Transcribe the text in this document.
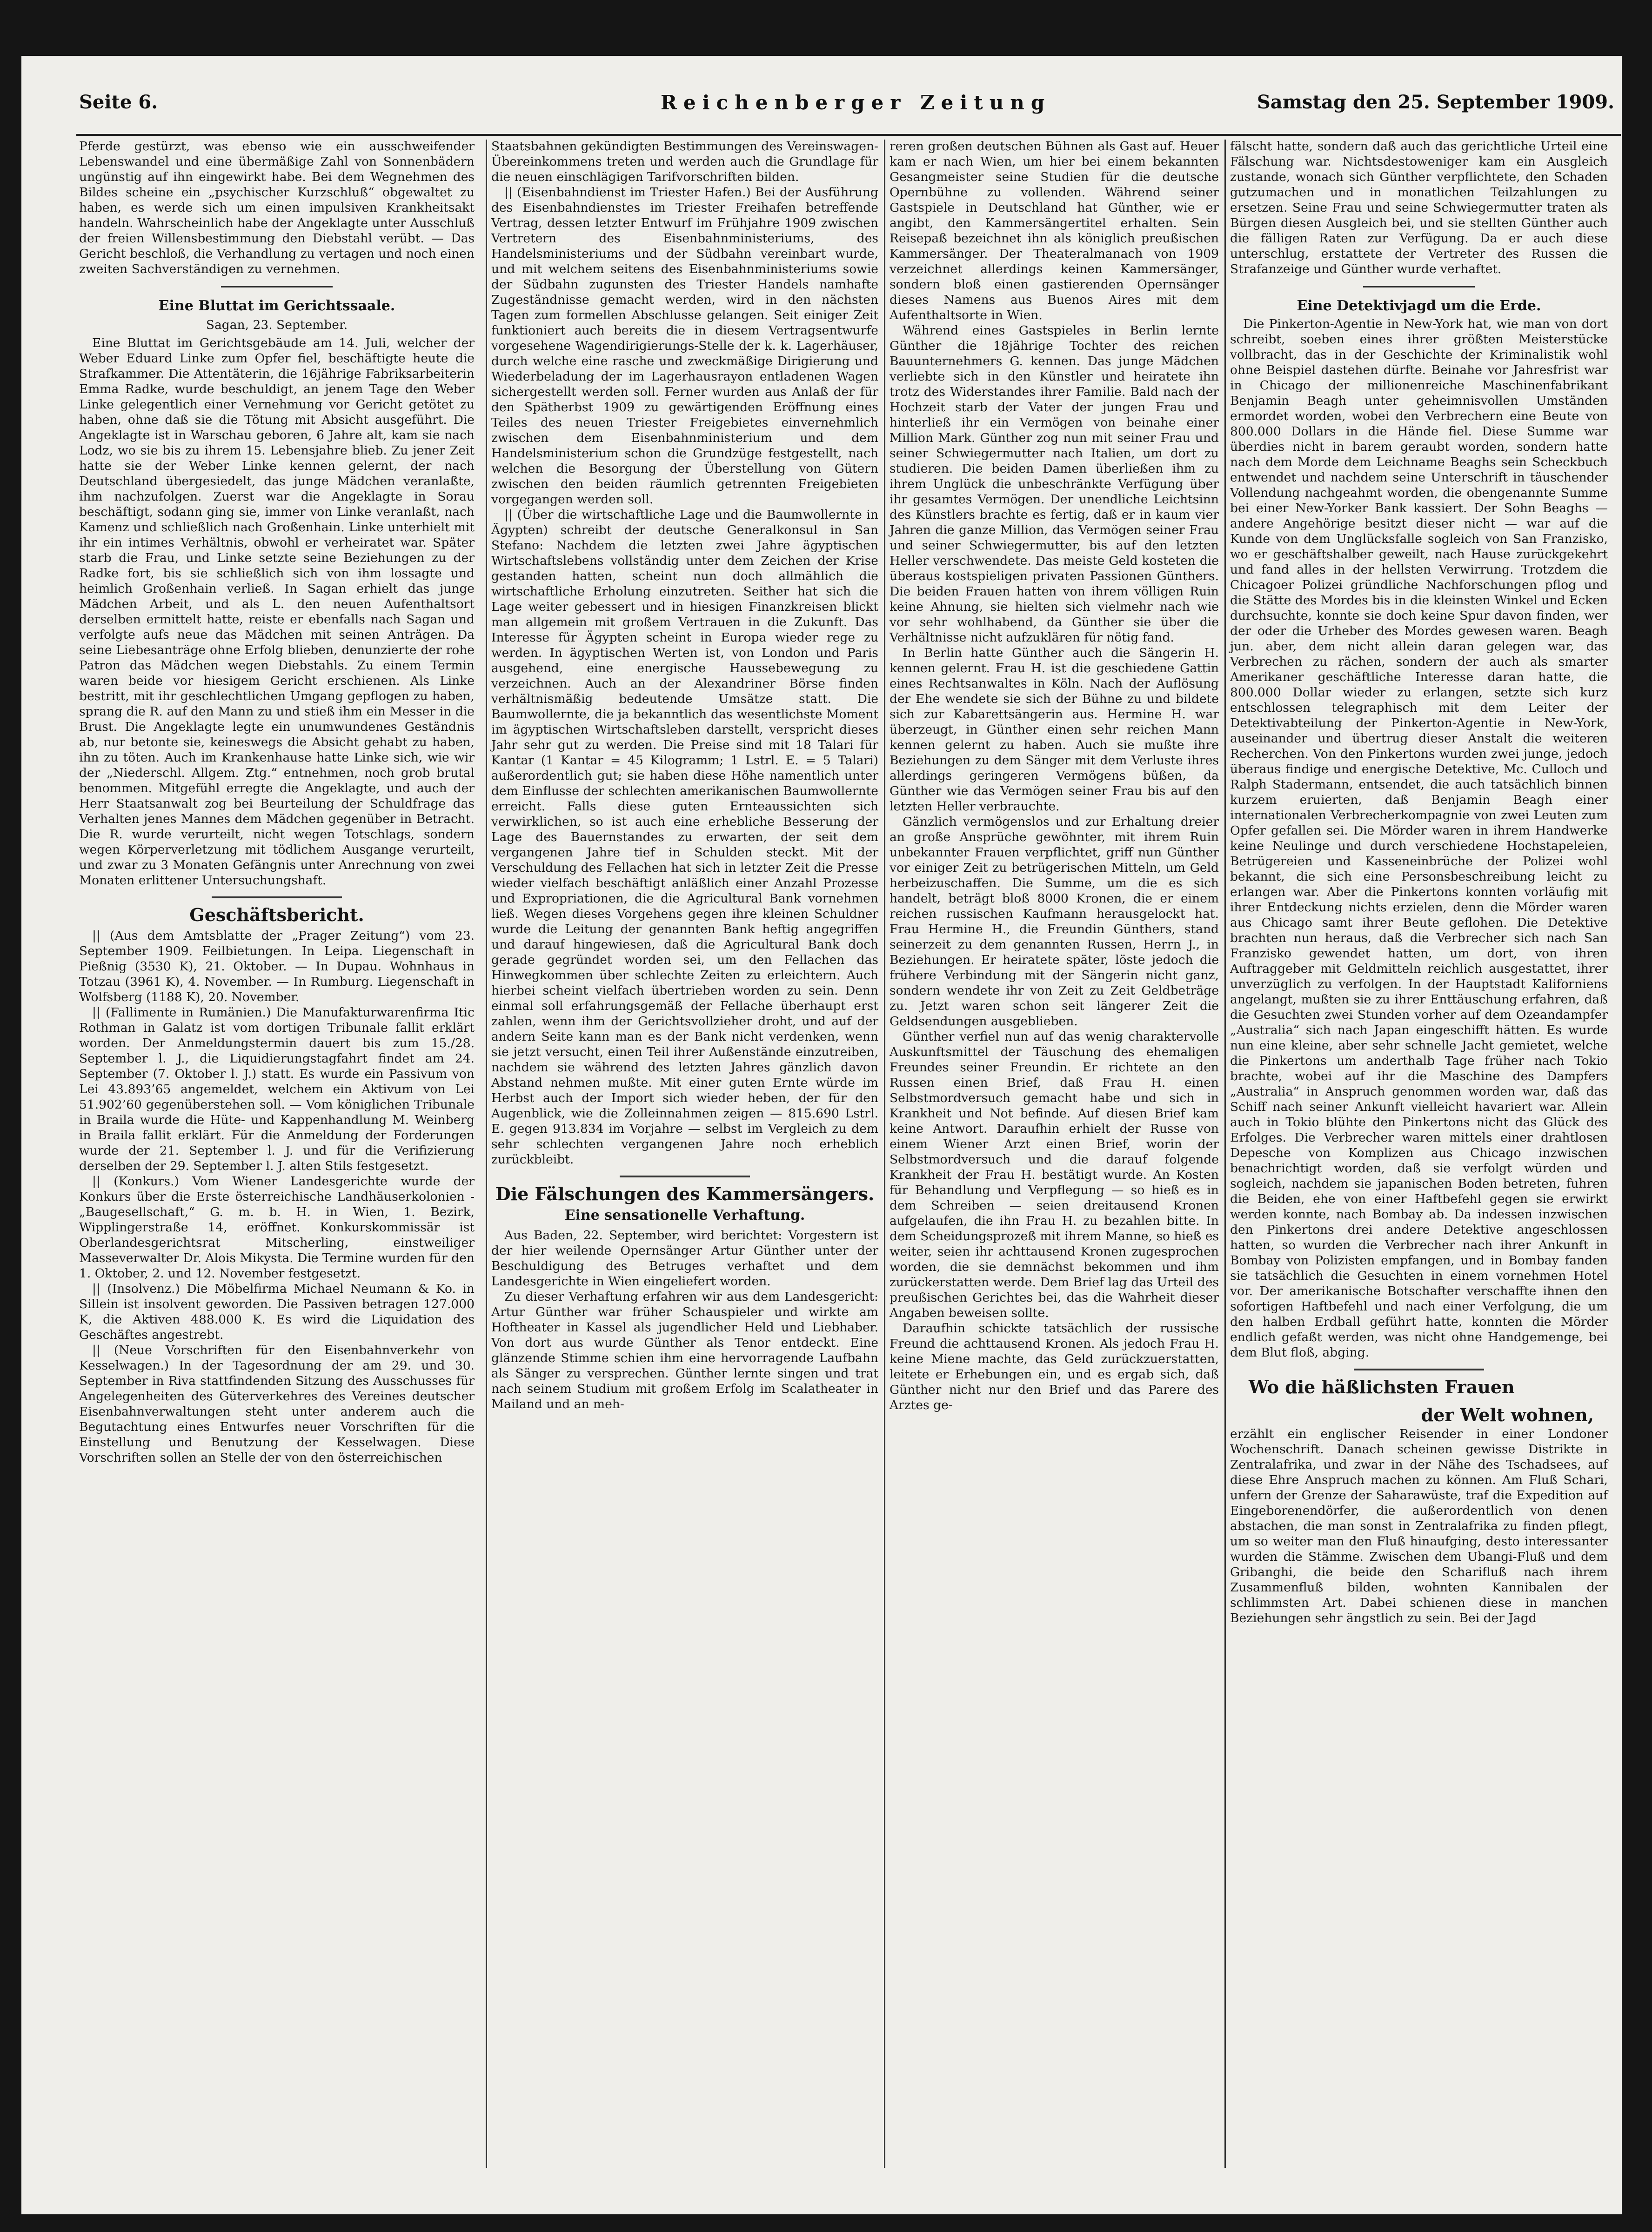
Seite 6.	Reichenberger Zeitung	Samstag den 25. September 1909.

Pferde gestürzt, was ebenso wie ein ausschweifender Lebenswandel und eine übermäßige Zahl von Sonnenbädern ungünstig auf ihn eingewirkt habe. Bei dem Wegnehmen des Bildes scheine ein „psychischer Kurzschluß“ obgewaltet zu haben, es werde sich um einen impulsiven Krankheitsakt handeln. Wahrscheinlich habe der Angeklagte unter Ausschluß der freien Willensbestimmung den Diebstahl verübt. — Das Gericht beschloß, die Verhandlung zu vertagen und noch einen zweiten Sachverständigen zu vernehmen.

Eine Bluttat im Gerichtssaale.
Sagan, 23. September.

Eine Bluttat im Gerichtsgebäude am 14. Juli, welcher der Weber Eduard Linke zum Opfer fiel, beschäftigte heute die Strafkammer. Die Attentäterin, die 16jährige Fabriksarbeiterin Emma Radke, wurde beschuldigt, an jenem Tage den Weber Linke gelegentlich einer Vernehmung vor Gericht getötet zu haben, ohne daß sie die Tötung mit Absicht ausgeführt. Die Angeklagte ist in Warschau geboren, 6 Jahre alt, kam sie nach Lodz, wo sie bis zu ihrem 15. Lebensjahre blieb. Zu jener Zeit hatte sie der Weber Linke kennen gelernt, der nach Deutschland übergesiedelt, das junge Mädchen veranlaßte, ihm nachzufolgen. Zuerst war die Angeklagte in Sorau beschäftigt, sodann ging sie, immer von Linke veranlaßt, nach Kamenz und schließlich nach Großenhain. Linke unterhielt mit ihr ein intimes Verhältnis, obwohl er verheiratet war. Später starb die Frau, und Linke setzte seine Beziehungen zu der Radke fort, bis sie schließlich sich von ihm lossagte und heimlich Großenhain verließ. In Sagan erhielt das junge Mädchen Arbeit, und als L. den neuen Aufenthaltsort derselben ermittelt hatte, reiste er ebenfalls nach Sagan und verfolgte aufs neue das Mädchen mit seinen Anträgen. Da seine Liebesanträge ohne Erfolg blieben, denunzierte der rohe Patron das Mädchen wegen Diebstahls. Zu einem Termin waren beide vor hiesigem Gericht erschienen. Als Linke bestritt, mit ihr geschlechtlichen Umgang gepflogen zu haben, sprang die R. auf den Mann zu und stieß ihm ein Messer in die Brust. Die Angeklagte legte ein unumwundenes Geständnis ab, nur betonte sie, keineswegs die Absicht gehabt zu haben, ihn zu töten. Auch im Krankenhause hatte Linke sich, wie wir der „Niederschl. Allgem. Ztg.“ entnehmen, noch grob brutal benommen. Mitgefühl erregte die Angeklagte, und auch der Herr Staatsanwalt zog bei Beurteilung der Schuldfrage das Verhalten jenes Mannes dem Mädchen gegenüber in Betracht. Die R. wurde verurteilt, nicht wegen Totschlags, sondern wegen Körperverletzung mit tödlichem Ausgange verurteilt, und zwar zu 3 Monaten Gefängnis unter Anrechnung von zwei Monaten erlittener Untersuchungshaft.

Geschäftsbericht.

|| (Aus dem Amtsblatte der „Prager Zeitung“) vom 23. September 1909. Feilbietungen. In Leipa. Liegenschaft in Pießnig (3530 K), 21. Oktober. — In Dupau. Wohnhaus in Totzau (3961 K), 4. November. — In Rumburg. Liegenschaft in Wolfsberg (1188 K), 20. November.

|| (Fallimente in Rumänien.) Die Manufakturwarenfirma Itic Rothman in Galatz ist vom dortigen Tribunale fallit erklärt worden. Der Anmeldungstermin dauert bis zum 15./28. September l. J., die Liquidierungstagfahrt findet am 24. September (7. Oktober l. J.) statt. Es wurde ein Passivum von Lei 43.893’65 angemeldet, welchem ein Aktivum von Lei 51.902’60 gegenüberstehen soll. — Vom königlichen Tribunale in Braila wurde die Hüte- und Kappenhandlung M. Weinberg in Braila fallit erklärt. Für die Anmeldung der Forderungen wurde der 21. September l. J. und für die Verifizierung derselben der 29. September l. J. alten Stils festgesetzt.

|| (Konkurs.) Vom Wiener Landesgerichte wurde der Konkurs über die Erste österreichische Landhäuserkolonien - „Baugesellschaft,“ G. m. b. H. in Wien, 1. Bezirk, Wipplingerstraße 14, eröffnet. Konkurskommissär ist Oberlandesgerichtsrat Mitscherling, einstweiliger Masseverwalter Dr. Alois Mikysta. Die Termine wurden für den 1. Oktober, 2. und 12. November festgesetzt.

|| (Insolvenz.) Die Möbelfirma Michael Neumann & Ko. in Sillein ist insolvent geworden. Die Passiven betragen 127.000 K, die Aktiven 488.000 K. Es wird die Liquidation des Geschäftes angestrebt.

|| (Neue Vorschriften für den Eisenbahnverkehr von Kesselwagen.) In der Tagesordnung der am 29. und 30. September in Riva stattfindenden Sitzung des Ausschusses für Angelegenheiten des Güterverkehres des Vereines deutscher Eisenbahnverwaltungen steht unter anderem auch die Begutachtung eines Entwurfes neuer Vorschriften für die Einstellung und Benutzung der Kesselwagen. Diese Vorschriften sollen an Stelle der von den österreichischen

Staatsbahnen gekündigten Bestimmungen des Vereinswagen-Übereinkommens treten und werden auch die Grundlage für die neuen einschlägigen Tarifvorschriften bilden.

|| (Eisenbahndienst im Triester Hafen.) Bei der Ausführung des Eisenbahndienstes im Triester Freihafen betreffende Vertrag, dessen letzter Entwurf im Frühjahre 1909 zwischen Vertretern des Eisenbahnministeriums, des Handelsministeriums und der Südbahn vereinbart wurde, und mit welchem seitens des Eisenbahnministeriums sowie der Südbahn zugunsten des Triester Handels namhafte Zugeständnisse gemacht werden, wird in den nächsten Tagen zum formellen Abschlusse gelangen. Seit einiger Zeit funktioniert auch bereits die in diesem Vertragsentwurfe vorgesehene Wagendirigierungs-Stelle der k. k. Lagerhäuser, durch welche eine rasche und zweckmäßige Dirigierung und Wiederbeladung der im Lagerhausrayon entladenen Wagen sichergestellt werden soll. Ferner wurden aus Anlaß der für den Spätherbst 1909 zu gewärtigenden Eröffnung eines Teiles des neuen Triester Freigebietes einvernehmlich zwischen dem Eisenbahnministerium und dem Handelsministerium schon die Grundzüge festgestellt, nach welchen die Besorgung der Überstellung von Gütern zwischen den beiden räumlich getrennten Freigebieten vorgegangen werden soll.

|| (Über die wirtschaftliche Lage und die Baumwollernte in Ägypten) schreibt der deutsche Generalkonsul in San Stefano: Nachdem die letzten zwei Jahre ägyptischen Wirtschaftslebens vollständig unter dem Zeichen der Krise gestanden hatten, scheint nun doch allmählich die wirtschaftliche Erholung einzutreten. Seither hat sich die Lage weiter gebessert und in hiesigen Finanzkreisen blickt man allgemein mit großem Vertrauen in die Zukunft. Das Interesse für Ägypten scheint in Europa wieder rege zu werden. In ägyptischen Werten ist, von London und Paris ausgehend, eine energische Haussebewegung zu verzeichnen. Auch an der Alexandriner Börse finden verhältnismäßig bedeutende Umsätze statt. Die Baumwollernte, die ja bekanntlich das wesentlichste Moment im ägyptischen Wirtschaftsleben darstellt, verspricht dieses Jahr sehr gut zu werden. Die Preise sind mit 18 Talari für Kantar (1 Kantar = 45 Kilogramm; 1 Lstrl. E. = 5 Talari) außerordentlich gut; sie haben diese Höhe namentlich unter dem Einflusse der schlechten amerikanischen Baumwollernte erreicht. Falls diese guten Ernteaussichten sich verwirklichen, so ist auch eine erhebliche Besserung der Lage des Bauernstandes zu erwarten, der seit dem vergangenen Jahre tief in Schulden steckt. Mit der Verschuldung des Fellachen hat sich in letzter Zeit die Presse wieder vielfach beschäftigt anläßlich einer Anzahl Prozesse und Expropriationen, die die Agricultural Bank vornehmen ließ. Wegen dieses Vorgehens gegen ihre kleinen Schuldner wurde die Leitung der genannten Bank heftig angegriffen und darauf hingewiesen, daß die Agricultural Bank doch gerade gegründet worden sei, um den Fellachen das Hinwegkommen über schlechte Zeiten zu erleichtern. Auch hierbei scheint vielfach übertrieben worden zu sein. Denn einmal soll erfahrungsgemäß der Fellache überhaupt erst zahlen, wenn ihm der Gerichtsvollzieher droht, und auf der andern Seite kann man es der Bank nicht verdenken, wenn sie jetzt versucht, einen Teil ihrer Außenstände einzutreiben, nachdem sie während des letzten Jahres gänzlich davon Abstand nehmen mußte. Mit einer guten Ernte würde im Herbst auch der Import sich wieder heben, der für den Augenblick, wie die Zolleinnahmen zeigen — 815.690 Lstrl. E. gegen 913.834 im Vorjahre — selbst im Vergleich zu dem sehr schlechten vergangenen Jahre noch erheblich zurückbleibt.

Die Fälschungen des Kammersängers.
Eine sensationelle Verhaftung.

Aus Baden, 22. September, wird berichtet: Vorgestern ist der hier weilende Opernsänger Artur Günther unter der Beschuldigung des Betruges verhaftet und dem Landesgerichte in Wien eingeliefert worden.

Zu dieser Verhaftung erfahren wir aus dem Landesgericht: Artur Günther war früher Schauspieler und wirkte am Hoftheater in Kassel als jugendlicher Held und Liebhaber. Von dort aus wurde Günther als Tenor entdeckt. Eine glänzende Stimme schien ihm eine hervorragende Laufbahn als Sänger zu versprechen. Günther lernte singen und trat nach seinem Studium mit großem Erfolg im Scalatheater in Mailand und an meh-

reren großen deutschen Bühnen als Gast auf. Heuer kam er nach Wien, um hier bei einem bekannten Gesangmeister seine Studien für die deutsche Opernbühne zu vollenden. Während seiner Gastspiele in Deutschland hat Günther, wie er angibt, den Kammersängertitel erhalten. Sein Reisepaß bezeichnet ihn als königlich preußischen Kammersänger. Der Theateralmanach von 1909 verzeichnet allerdings keinen Kammersänger, sondern bloß einen gastierenden Opernsänger dieses Namens aus Buenos Aires mit dem Aufenthaltsorte in Wien.

Während eines Gastspieles in Berlin lernte Günther die 18jährige Tochter des reichen Bauunternehmers G. kennen. Das junge Mädchen verliebte sich in den Künstler und heiratete ihn trotz des Widerstandes ihrer Familie. Bald nach der Hochzeit starb der Vater der jungen Frau und hinterließ ihr ein Vermögen von beinahe einer Million Mark. Günther zog nun mit seiner Frau und seiner Schwiegermutter nach Italien, um dort zu studieren. Die beiden Damen überließen ihm zu ihrem Unglück die unbeschränkte Verfügung über ihr gesamtes Vermögen. Der unendliche Leichtsinn des Künstlers brachte es fertig, daß er in kaum vier Jahren die ganze Million, das Vermögen seiner Frau und seiner Schwiegermutter, bis auf den letzten Heller verschwendete. Das meiste Geld kosteten die überaus kostspieligen privaten Passionen Günthers. Die beiden Frauen hatten von ihrem völligen Ruin keine Ahnung, sie hielten sich vielmehr nach wie vor sehr wohlhabend, da Günther sie über die Verhältnisse nicht aufzuklären für nötig fand.

In Berlin hatte Günther auch die Sängerin H. kennen gelernt. Frau H. ist die geschiedene Gattin eines Rechtsanwaltes in Köln. Nach der Auflösung der Ehe wendete sie sich der Bühne zu und bildete sich zur Kabarettsängerin aus. Hermine H. war überzeugt, in Günther einen sehr reichen Mann kennen gelernt zu haben. Auch sie mußte ihre Beziehungen zu dem Sänger mit dem Verluste ihres allerdings geringeren Vermögens büßen, da Günther wie das Vermögen seiner Frau bis auf den letzten Heller verbrauchte.

Gänzlich vermögenslos und zur Erhaltung dreier an große Ansprüche gewöhnter, mit ihrem Ruin unbekannter Frauen verpflichtet, griff nun Günther vor einiger Zeit zu betrügerischen Mitteln, um Geld herbeizuschaffen. Die Summe, um die es sich handelt, beträgt bloß 8000 Kronen, die er einem reichen russischen Kaufmann herausgelockt hat. Frau Hermine H., die Freundin Günthers, stand seinerzeit zu dem genannten Russen, Herrn J., in Beziehungen. Er heiratete später, löste jedoch die frühere Verbindung mit der Sängerin nicht ganz, sondern wendete ihr von Zeit zu Zeit Geldbeträge zu. Jetzt waren schon seit längerer Zeit die Geldsendungen ausgeblieben.

Günther verfiel nun auf das wenig charaktervolle Auskunftsmittel der Täuschung des ehemaligen Freundes seiner Freundin. Er richtete an den Russen einen Brief, daß Frau H. einen Selbstmordversuch gemacht habe und sich in Krankheit und Not befinde. Auf diesen Brief kam keine Antwort. Daraufhin erhielt der Russe von einem Wiener Arzt einen Brief, worin der Selbstmordversuch und die darauf folgende Krankheit der Frau H. bestätigt wurde. An Kosten für Behandlung und Verpflegung — so hieß es in dem Schreiben — seien dreitausend Kronen aufgelaufen, die ihn Frau H. zu bezahlen bitte. In dem Scheidungsprozeß mit ihrem Manne, so hieß es weiter, seien ihr achttausend Kronen zugesprochen worden, die sie demnächst bekommen und ihm zurückerstatten werde. Dem Brief lag das Urteil des preußischen Gerichtes bei, das die Wahrheit dieser Angaben beweisen sollte.

Daraufhin schickte tatsächlich der russische Freund die achttausend Kronen. Als jedoch Frau H. keine Miene machte, das Geld zurückzuerstatten, leitete er Erhebungen ein, und es ergab sich, daß Günther nicht nur den Brief und das Parere des Arztes ge-

fälscht hatte, sondern daß auch das gerichtliche Urteil eine Fälschung war. Nichtsdestoweniger kam ein Ausgleich zustande, wonach sich Günther verpflichtete, den Schaden gutzumachen und in monatlichen Teilzahlungen zu ersetzen. Seine Frau und seine Schwiegermutter traten als Bürgen diesen Ausgleich bei, und sie stellten Günther auch die fälligen Raten zur Verfügung. Da er auch diese unterschlug, erstattete der Vertreter des Russen die Strafanzeige und Günther wurde verhaftet.

Eine Detektivjagd um die Erde.

Die Pinkerton-Agentie in New-York hat, wie man von dort schreibt, soeben eines ihrer größten Meisterstücke vollbracht, das in der Geschichte der Kriminalistik wohl ohne Beispiel dastehen dürfte. Beinahe vor Jahresfrist war in Chicago der millionenreiche Maschinenfabrikant Benjamin Beagh unter geheimnisvollen Umständen ermordet worden, wobei den Verbrechern eine Beute von 800.000 Dollars in die Hände fiel. Diese Summe war überdies nicht in barem geraubt worden, sondern hatte nach dem Morde dem Leichname Beaghs sein Scheckbuch entwendet und nachdem seine Unterschrift in täuschender Vollendung nachgeahmt worden, die obengenannte Summe bei einer New-Yorker Bank kassiert. Der Sohn Beaghs — andere Angehörige besitzt dieser nicht — war auf die Kunde von dem Unglücksfalle sogleich von San Franzisko, wo er geschäftshalber geweilt, nach Hause zurückgekehrt und fand alles in der hellsten Verwirrung. Trotzdem die Chicagoer Polizei gründliche Nachforschungen pflog und die Stätte des Mordes bis in die kleinsten Winkel und Ecken durchsuchte, konnte sie doch keine Spur davon finden, wer der oder die Urheber des Mordes gewesen waren. Beagh jun. aber, dem nicht allein daran gelegen war, das Verbrechen zu rächen, sondern der auch als smarter Amerikaner geschäftliche Interesse daran hatte, die 800.000 Dollar wieder zu erlangen, setzte sich kurz entschlossen telegraphisch mit dem Leiter der Detektivabteilung der Pinkerton-Agentie in New-York, auseinander und übertrug dieser Anstalt die weiteren Recherchen. Von den Pinkertons wurden zwei junge, jedoch überaus findige und energische Detektive, Mc. Culloch und Ralph Stadermann, entsendet, die auch tatsächlich binnen kurzem eruierten, daß Benjamin Beagh einer internationalen Verbrecherkompagnie von zwei Leuten zum Opfer gefallen sei. Die Mörder waren in ihrem Handwerke keine Neulinge und durch verschiedene Hochstapeleien, Betrügereien und Kasseneinbrüche der Polizei wohl bekannt, die sich eine Personsbeschreibung leicht zu erlangen war. Aber die Pinkertons konnten vorläufig mit ihrer Entdeckung nichts erzielen, denn die Mörder waren aus Chicago samt ihrer Beute geflohen. Die Detektive brachten nun heraus, daß die Verbrecher sich nach San Franzisko gewendet hatten, um dort, von ihren Auftraggeber mit Geldmitteln reichlich ausgestattet, ihrer unverzüglich zu verfolgen. In der Hauptstadt Kaliforniens angelangt, mußten sie zu ihrer Enttäuschung erfahren, daß die Gesuchten zwei Stunden vorher auf dem Ozeandampfer „Australia“ sich nach Japan eingeschifft hätten. Es wurde nun eine kleine, aber sehr schnelle Jacht gemietet, welche die Pinkertons um anderthalb Tage früher nach Tokio brachte, wobei auf ihr die Maschine des Dampfers „Australia“ in Anspruch genommen worden war, daß das Schiff nach seiner Ankunft vielleicht havariert war. Allein auch in Tokio blühte den Pinkertons nicht das Glück des Erfolges. Die Verbrecher waren mittels einer drahtlosen Depesche von Komplizen aus Chicago inzwischen benachrichtigt worden, daß sie verfolgt würden und sogleich, nachdem sie japanischen Boden betreten, fuhren die Beiden, ehe von einer Haftbefehl gegen sie erwirkt werden konnte, nach Bombay ab. Da indessen inzwischen den Pinkertons drei andere Detektive angeschlossen hatten, so wurden die Verbrecher nach ihrer Ankunft in Bombay von Polizisten empfangen, und in Bombay fanden sie tatsächlich die Gesuchten in einem vornehmen Hotel vor. Der amerikanische Botschafter verschaffte ihnen den sofortigen Haftbefehl und nach einer Verfolgung, die um den halben Erdball geführt hatte, konnten die Mörder endlich gefaßt werden, was nicht ohne Handgemenge, bei dem Blut floß, abging.

Wo die häßlichsten Frauen
der Welt wohnen,

erzählt ein englischer Reisender in einer Londoner Wochenschrift. Danach scheinen gewisse Distrikte in Zentralafrika, und zwar in der Nähe des Tschadsees, auf diese Ehre Anspruch machen zu können. Am Fluß Schari, unfern der Grenze der Saharawüste, traf die Expedition auf Eingeborenendörfer, die außerordentlich von denen abstachen, die man sonst in Zentralafrika zu finden pflegt, um so weiter man den Fluß hinaufging, desto interessanter wurden die Stämme. Zwischen dem Ubangi-Fluß und dem Gribanghi, die beide den Scharifluß nach ihrem Zusammenfluß bilden, wohnten Kannibalen der schlimmsten Art. Dabei schienen diese in manchen Beziehungen sehr ängstlich zu sein. Bei der Jagd
